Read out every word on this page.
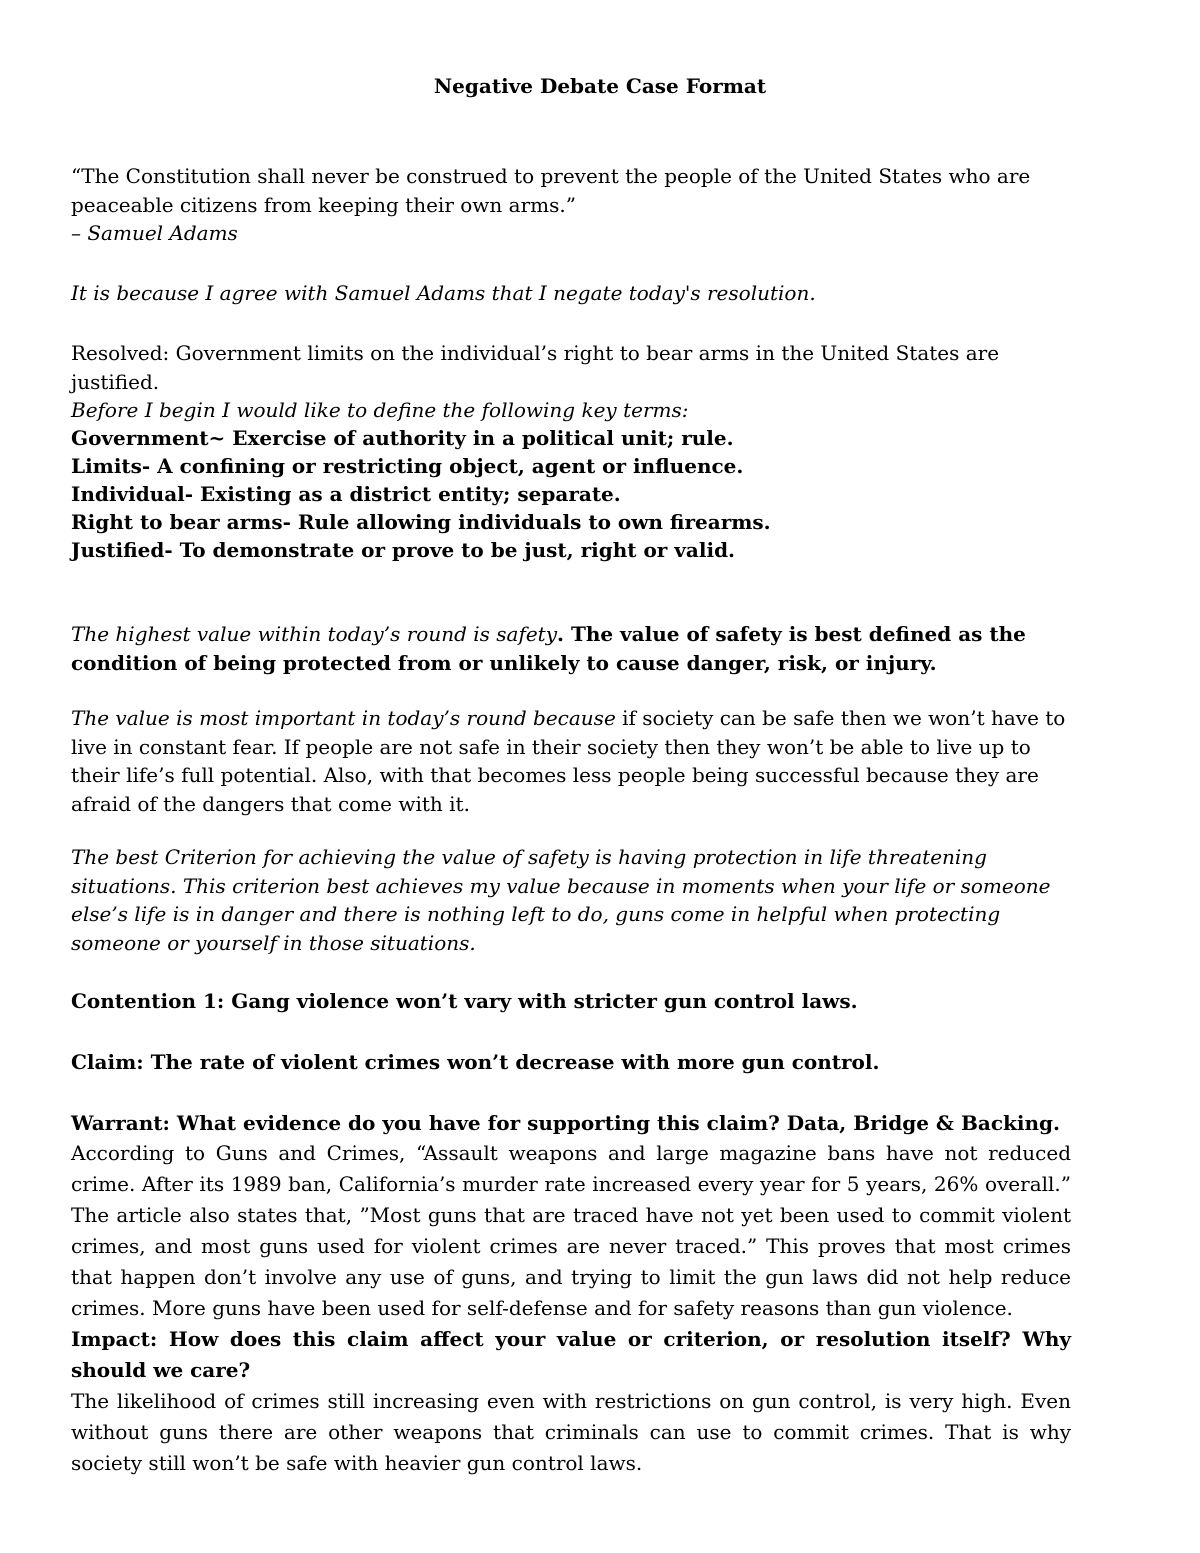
Negative Debate Case Format
“The Constitution shall never be construed to prevent the people of the United States who are peaceable citizens from keeping their own arms.”
– Samuel Adams

It is because I agree with Samuel Adams that I negate today's resolution.

Resolved: Government limits on the individual’s right to bear arms in the United States are justified.
Before I begin I would like to define the following key terms:
Government~ Exercise of authority in a political unit; rule.
Limits- A confining or restricting object, agent or influence.
Individual- Existing as a district entity; separate.
Right to bear arms- Rule allowing individuals to own firearms.
Justified- To demonstrate or prove to be just, right or valid.

The highest value within today’s round is safety. The value of safety is best defined as the condition of being protected from or unlikely to cause danger, risk, or injury.

The value is most important in today’s round because if society can be safe then we won’t have to live in constant fear. If people are not safe in their society then they won’t be able to live up to their life’s full potential. Also, with that becomes less people being successful because they are afraid of the dangers that come with it.

The best Criterion for achieving the value of safety is having protection in life threatening situations. This criterion best achieves my value because in moments when your life or someone else’s life is in danger and there is nothing left to do, guns come in helpful when protecting someone or yourself in those situations.

Contention 1: Gang violence won’t vary with stricter gun control laws.

Claim: The rate of violent crimes won’t decrease with more gun control.

Warrant: What evidence do you have for supporting this claim? Data, Bridge & Backing.
According to Guns and Crimes, “Assault weapons and large magazine bans have not reduced crime. After its 1989 ban, California’s murder rate increased every year for 5 years, 26% overall.” The article also states that, ”Most guns that are traced have not yet been used to commit violent crimes, and most guns used for violent crimes are never traced.” This proves that most crimes that happen don’t involve any use of guns, and trying to limit the gun laws did not help reduce crimes. More guns have been used for self-defense and for safety reasons than gun violence.
Impact: How does this claim affect your value or criterion, or resolution itself? Why should we care?
The likelihood of crimes still increasing even with restrictions on gun control, is very high. Even without guns there are other weapons that criminals can use to commit crimes. That is why society still won’t be safe with heavier gun control laws.
